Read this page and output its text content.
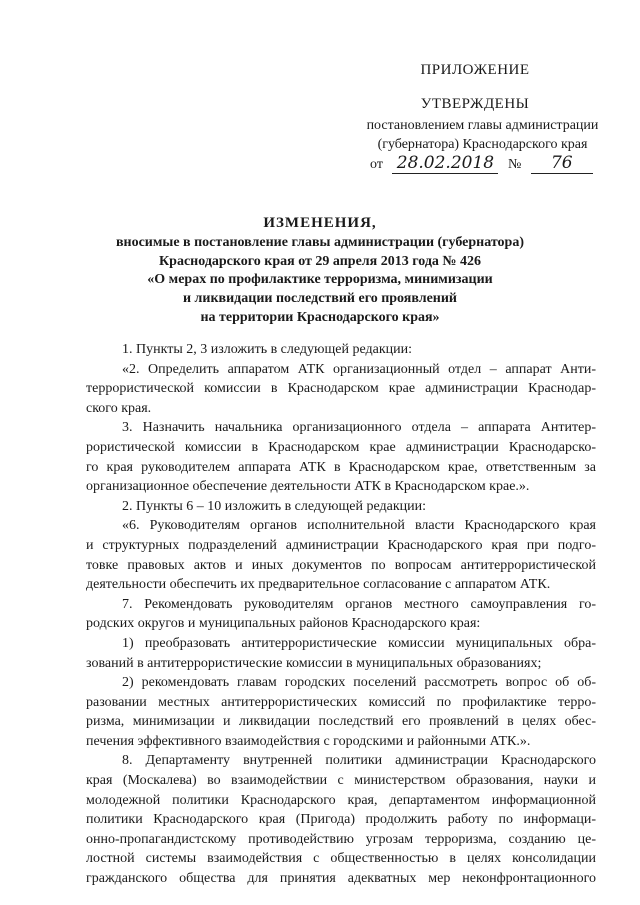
ПРИЛОЖЕНИЕ
УТВЕРЖДЕНЫ
постановлением главы администрации
(губернатора) Краснодарского края
от 28.02.2018 № 76
ИЗМЕНЕНИЯ,
вносимые в постановление главы администрации (губернатора)
Краснодарского края от 29 апреля 2013 года № 426
«О мерах по профилактике терроризма, минимизации
и ликвидации последствий его проявлений
на территории Краснодарского края»
1. Пункты 2, 3 изложить в следующей редакции:
«2. Определить аппаратом АТК организационный отдел – аппарат Анти-
террористической комиссии в Краснодарском крае администрации Краснодар-
ского края.
3. Назначить начальника организационного отдела – аппарата Антитер-
рористической комиссии в Краснодарском крае администрации Краснодарско-
го края руководителем аппарата АТК в Краснодарском крае, ответственным за
организационное обеспечение деятельности АТК в Краснодарском крае.».
2. Пункты 6 – 10 изложить в следующей редакции:
«6. Руководителям органов исполнительной власти Краснодарского края
и структурных подразделений администрации Краснодарского края при подго-
товке правовых актов и иных документов по вопросам антитеррористической
деятельности обеспечить их предварительное согласование с аппаратом АТК.
7. Рекомендовать руководителям органов местного самоуправления го-
родских округов и муниципальных районов Краснодарского края:
1) преобразовать антитеррористические комиссии муниципальных обра-
зований в антитеррористические комиссии в муниципальных образованиях;
2) рекомендовать главам городских поселений рассмотреть вопрос об об-
разовании местных антитеррористических комиссий по профилактике терро-
ризма, минимизации и ликвидации последствий его проявлений в целях обес-
печения эффективного взаимодействия с городскими и районными АТК.».
8. Департаменту внутренней политики администрации Краснодарского
края (Москалева) во взаимодействии с министерством образования, науки и
молодежной политики Краснодарского края, департаментом информационной
политики Краснодарского края (Пригода) продолжить работу по информаци-
онно-пропагандистскому противодействию угрозам терроризма, созданию це-
лостной системы взаимодействия с общественностью в целях консолидации
гражданского общества для принятия адекватных мер неконфронтационного
